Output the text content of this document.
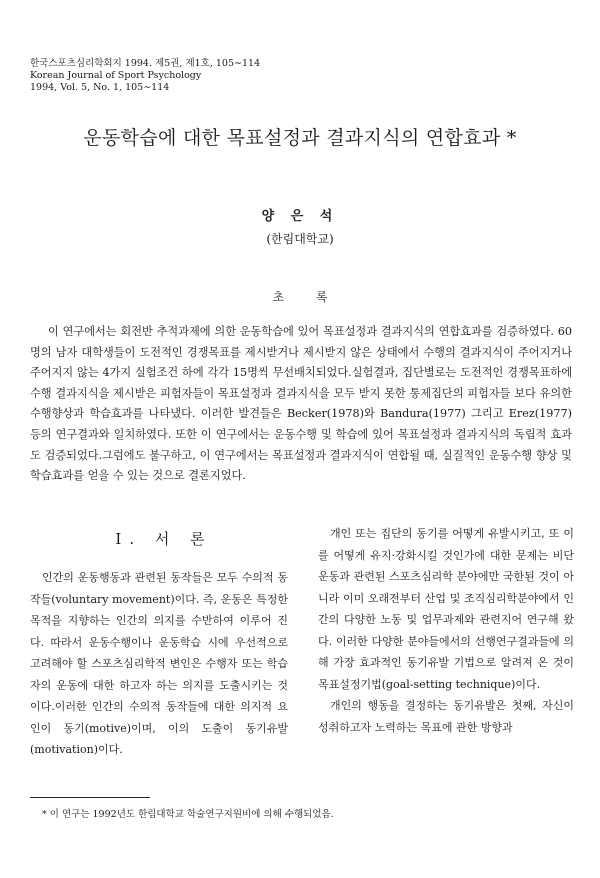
한국스포츠심리학회지 1994. 제5권, 제1호, 105∼114
Korean Journal of Sport Psychology
1994, Vol. 5, No. 1, 105∼114
운동학습에 대한 목표설정과 결과지식의 연합효과 *
양 은 석
(한림대학교)
초 록

이 연구에서는 회전반 추적과제에 의한 운동학습에 있어 목표설정과 결과지식의 연합효과를 검증하였다. 60명의 남자 대학생들이 도전적인 경쟁목표를 제시받거나 제시받지 않은 상태에서 수행의 결과지식이 주어지거나 주어지지 않는 4가지 실험조건 하에 각각 15명씩 무선배치되었다.실험결과, 집단별로는 도전적인 경쟁목표하에 수행 결과지식을 제시받은 피험자들이 목표설정과 결과지식을 모두 받지 못한 통제집단의 피험자들 보다 유의한 수행향상과 학습효과를 나타냈다. 이러한 발견들은 Becker(1978)와 Bandura(1977) 그리고 Erez(1977) 등의 연구결과와 일치하였다. 또한 이 연구에서는 운동수행 및 학습에 있어 목표설정과 결과지식의 독립적 효과도 검증되었다.그럼에도 불구하고, 이 연구에서는 목표설정과 결과지식이 연합될 때, 실질적인 운동수행 향상 및 학습효과를 얻을 수 있는 것으로 결론지었다.

Ⅰ. 서 론

인간의 운동행동과 관련된 동작들은 모두 수의적 동작들(voluntary movement)이다. 즉, 운동은 특정한 목적을 지향하는 인간의 의지를 수반하여 이루어 진다. 따라서 운동수행이나 운동학습 시에 우선적으로 고려해야 할 스포츠심리학적 변인은 수행자 또는 학습자의 운동에 대한 하고자 하는 의지를 도출시키는 것이다.이러한 인간의 수의적 동작들에 대한 의지적 요인이 동기(motive)이며, 이의 도출이 동기유발(motivation)이다.

개인 또는 집단의 동기를 어떻게 유발시키고, 또 이를 어떻게 유지·강화시킬 것인가에 대한 문제는 비단 운동과 관련된 스포츠심리학 분야에만 국한된 것이 아니라 이미 오래전부터 산업 및 조직심리학분야에서 인간의 다양한 노동 및 업무과제와 관련지어 연구해 왔다. 이러한 다양한 분야들에서의 선행연구결과들에 의해 가장 효과적인 동기유발 기법으로 알려져 온 것이 목표설정기법(goal-setting technique)이다.

개인의 행동을 결정하는 동기유발은 첫째, 자신이 성취하고자 노력하는 목표에 관한 방향과

* 이 연구는 1992년도 한림대학교 학술연구지원비에 의해 수행되었음.
